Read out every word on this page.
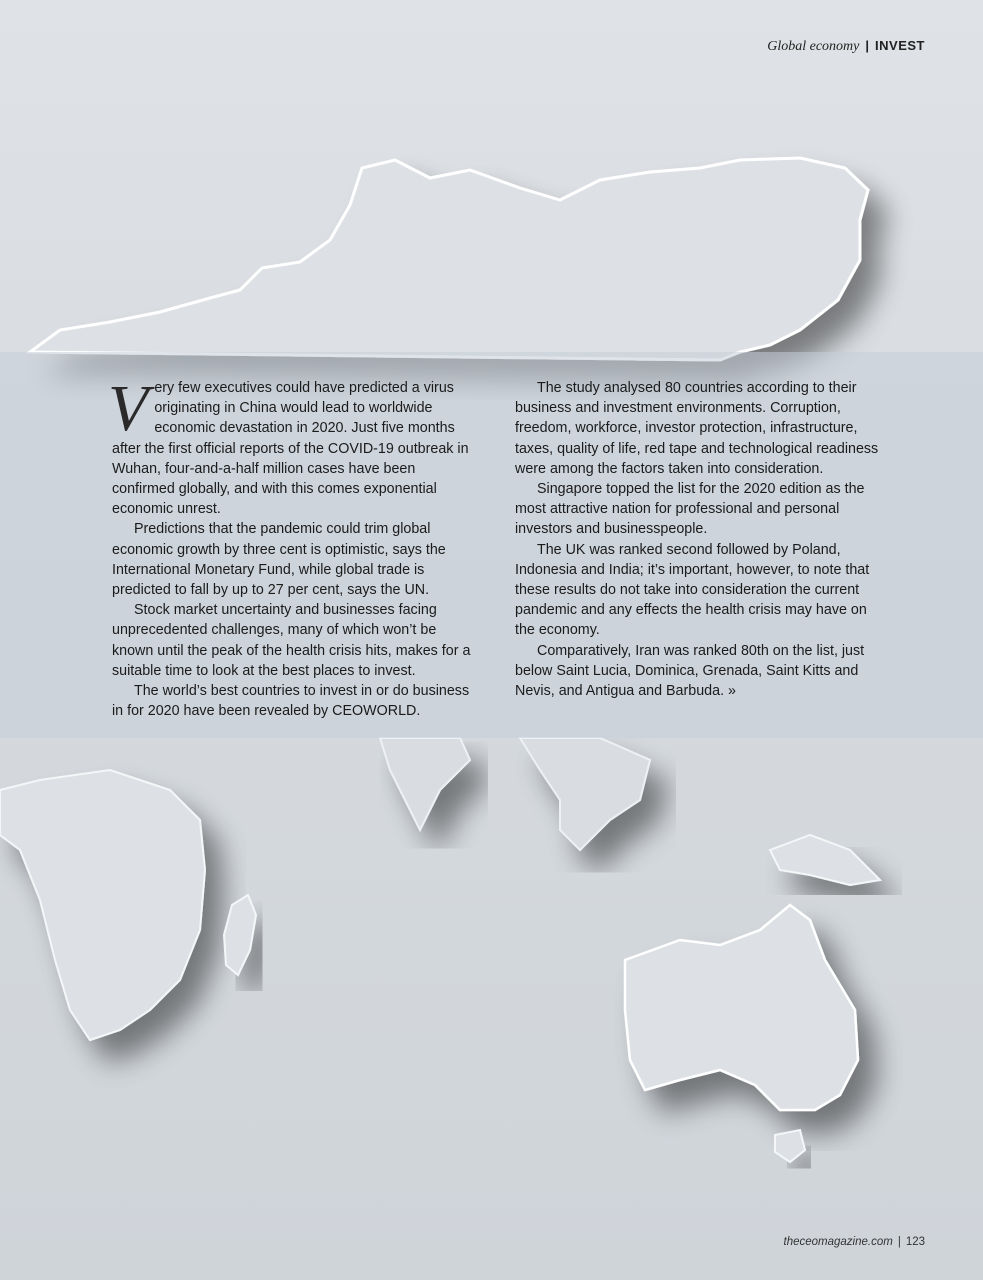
Global economy | INVEST

Very few executives could have predicted a virus originating in China would lead to worldwide economic devastation in 2020. Just five months after the first official reports of the COVID-19 outbreak in Wuhan, four-and-a-half million cases have been confirmed globally, and with this comes exponential economic unrest.

Predictions that the pandemic could trim global economic growth by three cent is optimistic, says the International Monetary Fund, while global trade is predicted to fall by up to 27 per cent, says the UN.

Stock market uncertainty and businesses facing unprecedented challenges, many of which won’t be known until the peak of the health crisis hits, makes for a suitable time to look at the best places to invest.

The world’s best countries to invest in or do business in for 2020 have been revealed by CEOWORLD.

The study analysed 80 countries according to their business and investment environments. Corruption, freedom, workforce, investor protection, infrastructure, taxes, quality of life, red tape and technological readiness were among the factors taken into consideration.

Singapore topped the list for the 2020 edition as the most attractive nation for professional and personal investors and businesspeople.

The UK was ranked second followed by Poland, Indonesia and India; it’s important, however, to note that these results do not take into consideration the current pandemic and any effects the health crisis may have on the economy.

Comparatively, Iran was ranked 80th on the list, just below Saint Lucia, Dominica, Grenada, Saint Kitts and Nevis, and Antigua and Barbuda. »

theceomagazine.com | 123
